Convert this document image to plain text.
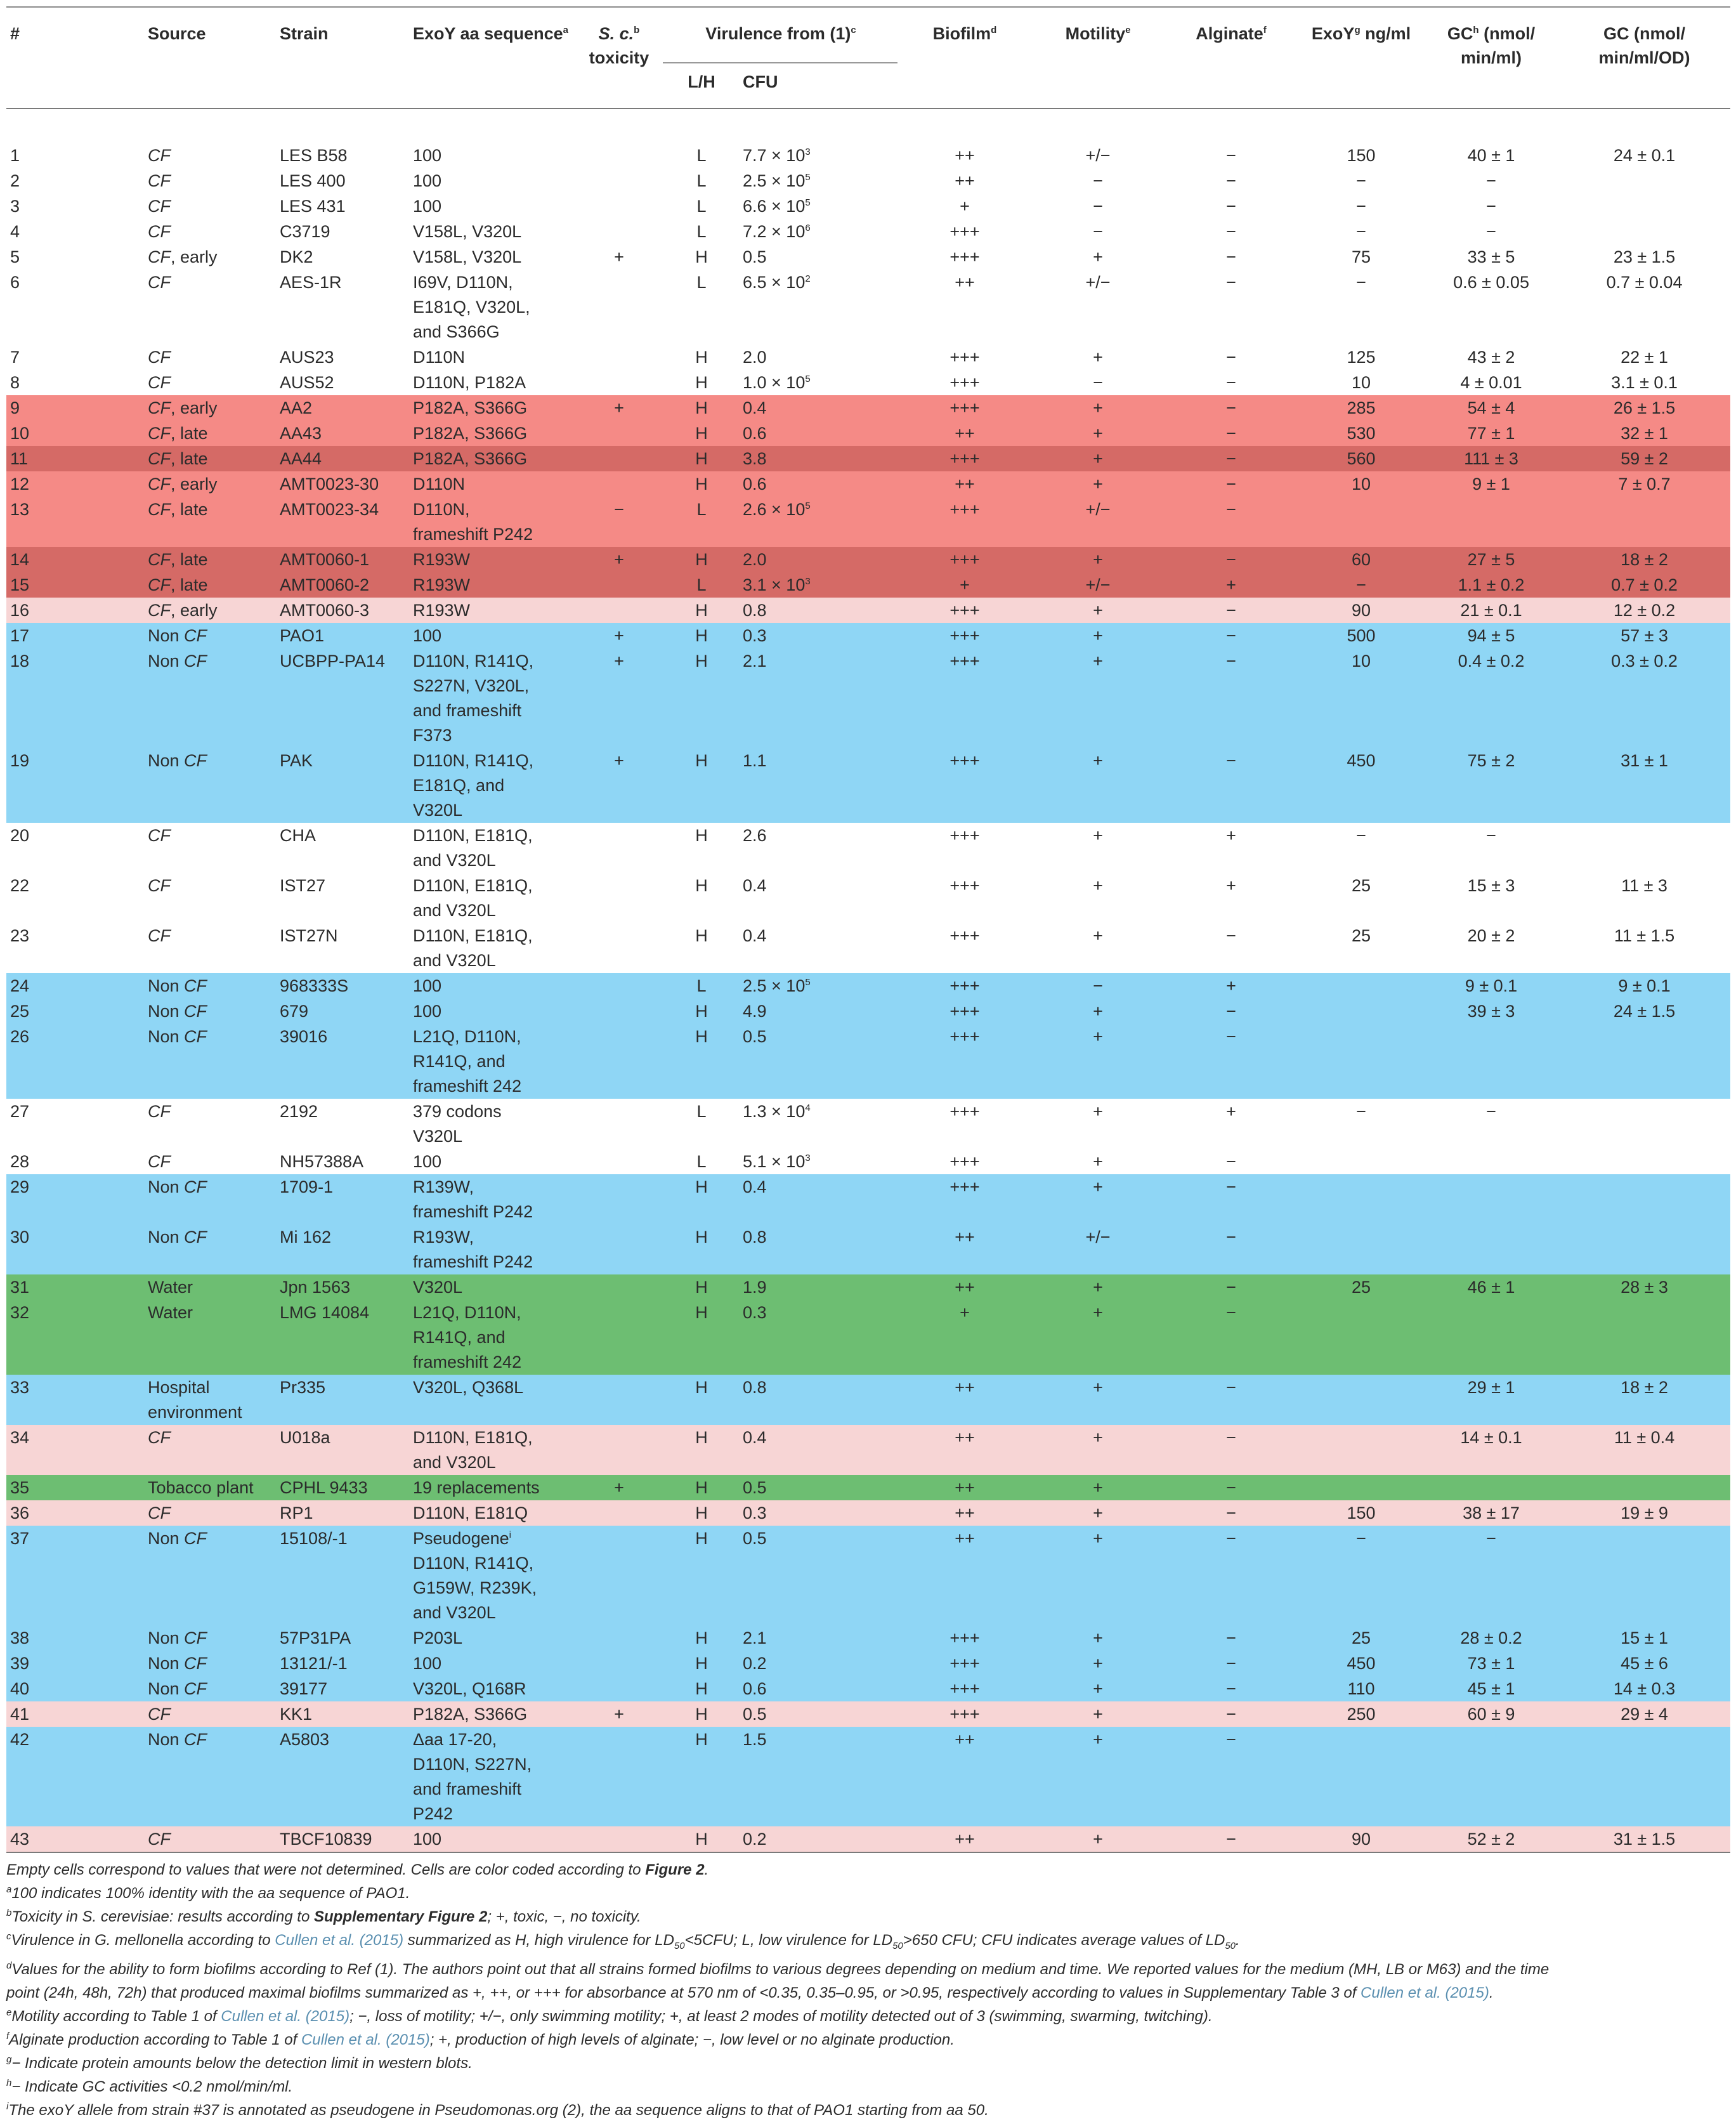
#	Source	Strain	ExoY aa sequence$^a$	S. c.$^b$
toxicity	Virulence from $(1)^c$		Biofilm$^d$	Motility$^e$	Alginate$^f$	ExoY$^g$ ng/ml	$GC^h$ (nmol/
min/ml)	GC (nmol/
min/ml/OD)
					L/H	CFU						
1	CF	LES B58	100		L	$7.7 \times 10^3$	++	+/−	−	150	40 ± 1	24 ± 0.1
2	CF	LES 400	100		L	$2.5 \times 10^5$	++	−	−	−	−	
3	CF	LES 431	100		L	$6.6 \times 10^5$	+	−	−	−	−	
4	CF	C3719	V158L, V320L		L	$7.2 \times 10^6$	+++	−	−	−	−	
5	CF, early	DK2	V158L, V320L	+	H	0.5	+++	+	−	75	33 ± 5	23 ± 1.5
6	CF	AES-1R	I69V, D110N,
E181Q, V320L,
and S366G		L	$6.5 \times 10^2$	++	+/−	−	−	0.6 ± 0.05	0.7 ± 0.04
7	CF	AUS23	D110N		H	2.0	+++	+	−	125	43 ± 2	22 ± 1
8	CF	AUS52	D110N, P182A		H	$1.0 \times 10^5$	+++	−	−	10	4 ± 0.01	3.1 ± 0.1
9	CF, early	AA2	P182A, S366G	+	H	0.4	+++	+	−	285	54 ± 4	26 ± 1.5
10	CF, late	AA43	P182A, S366G		H	0.6	++	+	−	530	77 ± 1	32 ± 1
11	CF, late	AA44	P182A, S366G		H	3.8	+++	+	−	560	111 ± 3	59 ± 2
12	CF, early	AMT0023-30	D110N		H	0.6	++	+	−	10	9 ± 1	7 ± 0.7
13	CF, late	AMT0023-34	D110N,
frameshift P242	−	L	$2.6 \times 10^5$	+++	+/−	−			
14	CF, late	AMT0060-1	R193W	+	H	2.0	+++	+	−	60	27 ± 5	18 ± 2
15	CF, late	AMT0060-2	R193W		L	$3.1 \times 10^3$	+	+/−	+	−	1.1 ± 0.2	0.7 ± 0.2
16	CF, early	AMT0060-3	R193W		H	0.8	+++	+	−	90	21 ± 0.1	12 ± 0.2
17	Non CF	PAO1	100	+	H	0.3	+++	+	−	500	94 ± 5	57 ± 3
18	Non CF	UCBPP-PA14	D110N, R141Q,
S227N, V320L,
and frameshift
F373	+	H	2.1	+++	+	−	10	0.4 ± 0.2	0.3 ± 0.2
19	Non CF	PAK	D110N, R141Q,
E181Q, and
V320L	+	H	1.1	+++	+	−	450	75 ± 2	31 ± 1
20	CF	CHA	D110N, E181Q,
and V320L		H	2.6	+++	+	+	−	−	
22	CF	IST27	D110N, E181Q,
and V320L		H	0.4	+++	+	+	25	15 ± 3	11 ± 3
23	CF	IST27N	D110N, E181Q,
and V320L		H	0.4	+++	+	−	25	20 ± 2	11 ± 1.5
24	Non CF	968333S	100		L	$2.5 \times 10^5$	+++	−	+		9 ± 0.1	9 ± 0.1
25	Non CF	679	100		H	4.9	+++	+	−		39 ± 3	24 ± 1.5
26	Non CF	39016	L21Q, D110N,
R141Q, and
frameshift 242		H	0.5	+++	+	−			
27	CF	2192	379 codons
V320L		L	$1.3 \times 10^4$	+++	+	+	−	−	
28	CF	NH57388A	100		L	$5.1 \times 10^3$	+++	+	−			
29	Non CF	1709-1	R139W,
frameshift P242		H	0.4	+++	+	−			
30	Non CF	Mi 162	R193W,
frameshift P242		H	0.8	++	+/−	−			
31	Water	Jpn 1563	V320L		H	1.9	++	+	−	25	46 ± 1	28 ± 3
32	Water	LMG 14084	L21Q, D110N,
R141Q, and
frameshift 242		H	0.3	+	+	−			
33	Hospital
environment	Pr335	V320L, Q368L		H	0.8	++	+	−		29 ± 1	18 ± 2
34	CF	U018a	D110N, E181Q,
and V320L		H	0.4	++	+	−		14 ± 0.1	11 ± 0.4
35	Tobacco plant	CPHL 9433	19 replacements	+	H	0.5	++	+	−			
36	CF	RP1	D110N, E181Q		H	0.3	++	+	−	150	38 ± 17	19 ± 9
37	Non CF	15108/-1	Pseudogene$^i$
D110N, R141Q,
G159W, R239K,
and V320L		H	0.5	++	+	−	−	−	
38	Non CF	57P31PA	P203L		H	2.1	+++	+	−	25	28 ± 0.2	15 ± 1
39	Non CF	13121/-1	100		H	0.2	+++	+	−	450	73 ± 1	45 ± 6
40	Non CF	39177	V320L, Q168R		H	0.6	+++	+	−	110	45 ± 1	14 ± 0.3
41	CF	KK1	P182A, S366G	+	H	0.5	+++	+	−	250	60 ± 9	29 ± 4
42	Non CF	A5803	Δaa 17-20,
D110N, S227N,
and frameshift
P242		H	1.5	++	+	−			
43	CF	TBCF10839	100		H	0.2	++	+	−	90	52 ± 2	31 ± 1.5

Empty cells correspond to values that were not determined. Cells are color coded according to Figure 2.

$^a$100 indicates 100% identity with the aa sequence of PAO1.

$^b$Toxicity in S. cerevisiae: results according to Supplementary Figure 2; +, toxic, −, no toxicity.

$^c$Virulence in G. mellonella according to Cullen et al. (2015) summarized as H, high virulence for $LD_{50}<5CFU$; L, low virulence for $LD_{50}>650$ CFU; CFU indicates average values of $LD_{50}$.

$^d$Values for the ability to form biofilms according to Ref (1). The authors point out that all strains formed biofilms to various degrees depending on medium and time. We reported values for the medium (MH, LB or M63) and the time

point (24h, 48h, 72h) that produced maximal biofilms summarized as +, ++, or +++ for absorbance at 570 nm of <0.35, 0.35–0.95, or >0.95, respectively according to values in Supplementary Table 3 of Cullen et al. (2015).

$^e$Motility according to Table 1 of Cullen et al. (2015); −, loss of motility; +/−, only swimming motility; +, at least 2 modes of motility detected out of 3 (swimming, swarming, twitching).

$^f$Alginate production according to Table 1 of Cullen et al. (2015); +, production of high levels of alginate; −, low level or no alginate production.

$^g$− Indicate protein amounts below the detection limit in western blots.

$^h$− Indicate GC activities <0.2 nmol/min/ml.

$^i$The exoY allele from strain #37 is annotated as pseudogene in Pseudomonas.org (2), the aa sequence aligns to that of PAO1 starting from aa 50.
